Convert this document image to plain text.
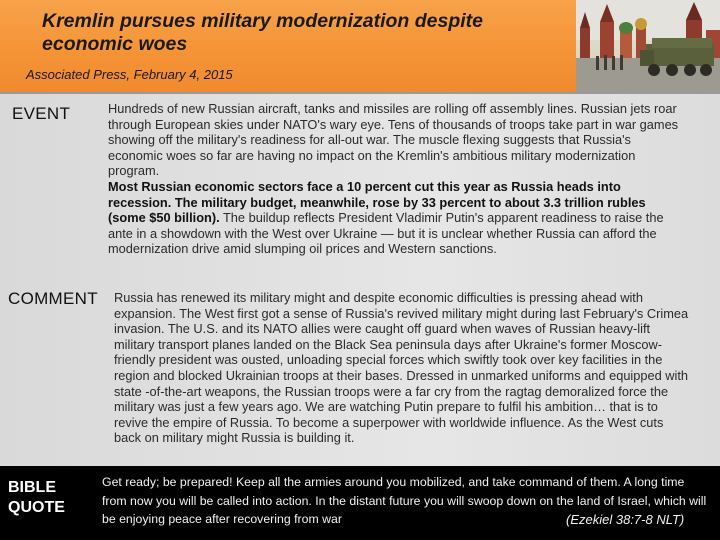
Kremlin pursues military modernization despite economic woes
Associated Press, February 4, 2015
EVENT	Hundreds of new Russian aircraft, tanks and missiles are rolling off assembly lines. Russian jets roar through European skies under NATO's wary eye. Tens of thousands of troops take part in war games showing off the military's readiness for all-out war. The muscle flexing suggests that Russia's economic woes so far are having no impact on the Kremlin's ambitious military modernization program.
Most Russian economic sectors face a 10 percent cut this year as Russia heads into recession. The military budget, meanwhile, rose by 33 percent to about 3.3 trillion rubles (some $50 billion). The buildup reflects President Vladimir Putin's apparent readiness to raise the ante in a showdown with the West over Ukraine — but it is unclear whether Russia can afford the modernization drive amid slumping oil prices and Western sanctions.
COMMENT Russia has renewed its military might and despite economic difficulties is pressing ahead with expansion. The West first got a sense of Russia's revived military might during last February's Crimea invasion. The U.S. and its NATO allies were caught off guard when waves of Russian heavy-lift military transport planes landed on the Black Sea peninsula days after Ukraine's former Moscow-friendly president was ousted, unloading special forces which swiftly took over key facilities in the region and blocked Ukrainian troops at their bases. Dressed in unmarked uniforms and equipped with state -of-the-art weapons, the Russian troops were a far cry from the ragtag demoralized force the military was just a few years ago. We are watching Putin prepare to fulfil his ambition… that is to revive the empire of Russia. To become a superpower with worldwide influence. As the West cuts back on military might Russia is building it.
BIBLE
QUOTE
Get ready; be prepared! Keep all the armies around you mobilized, and take command of them. A long time from now you will be called into action. In the distant future you will swoop down on the land of Israel, which will be enjoying peace after recovering from war	(Ezekiel 38:7-8 NLT)
